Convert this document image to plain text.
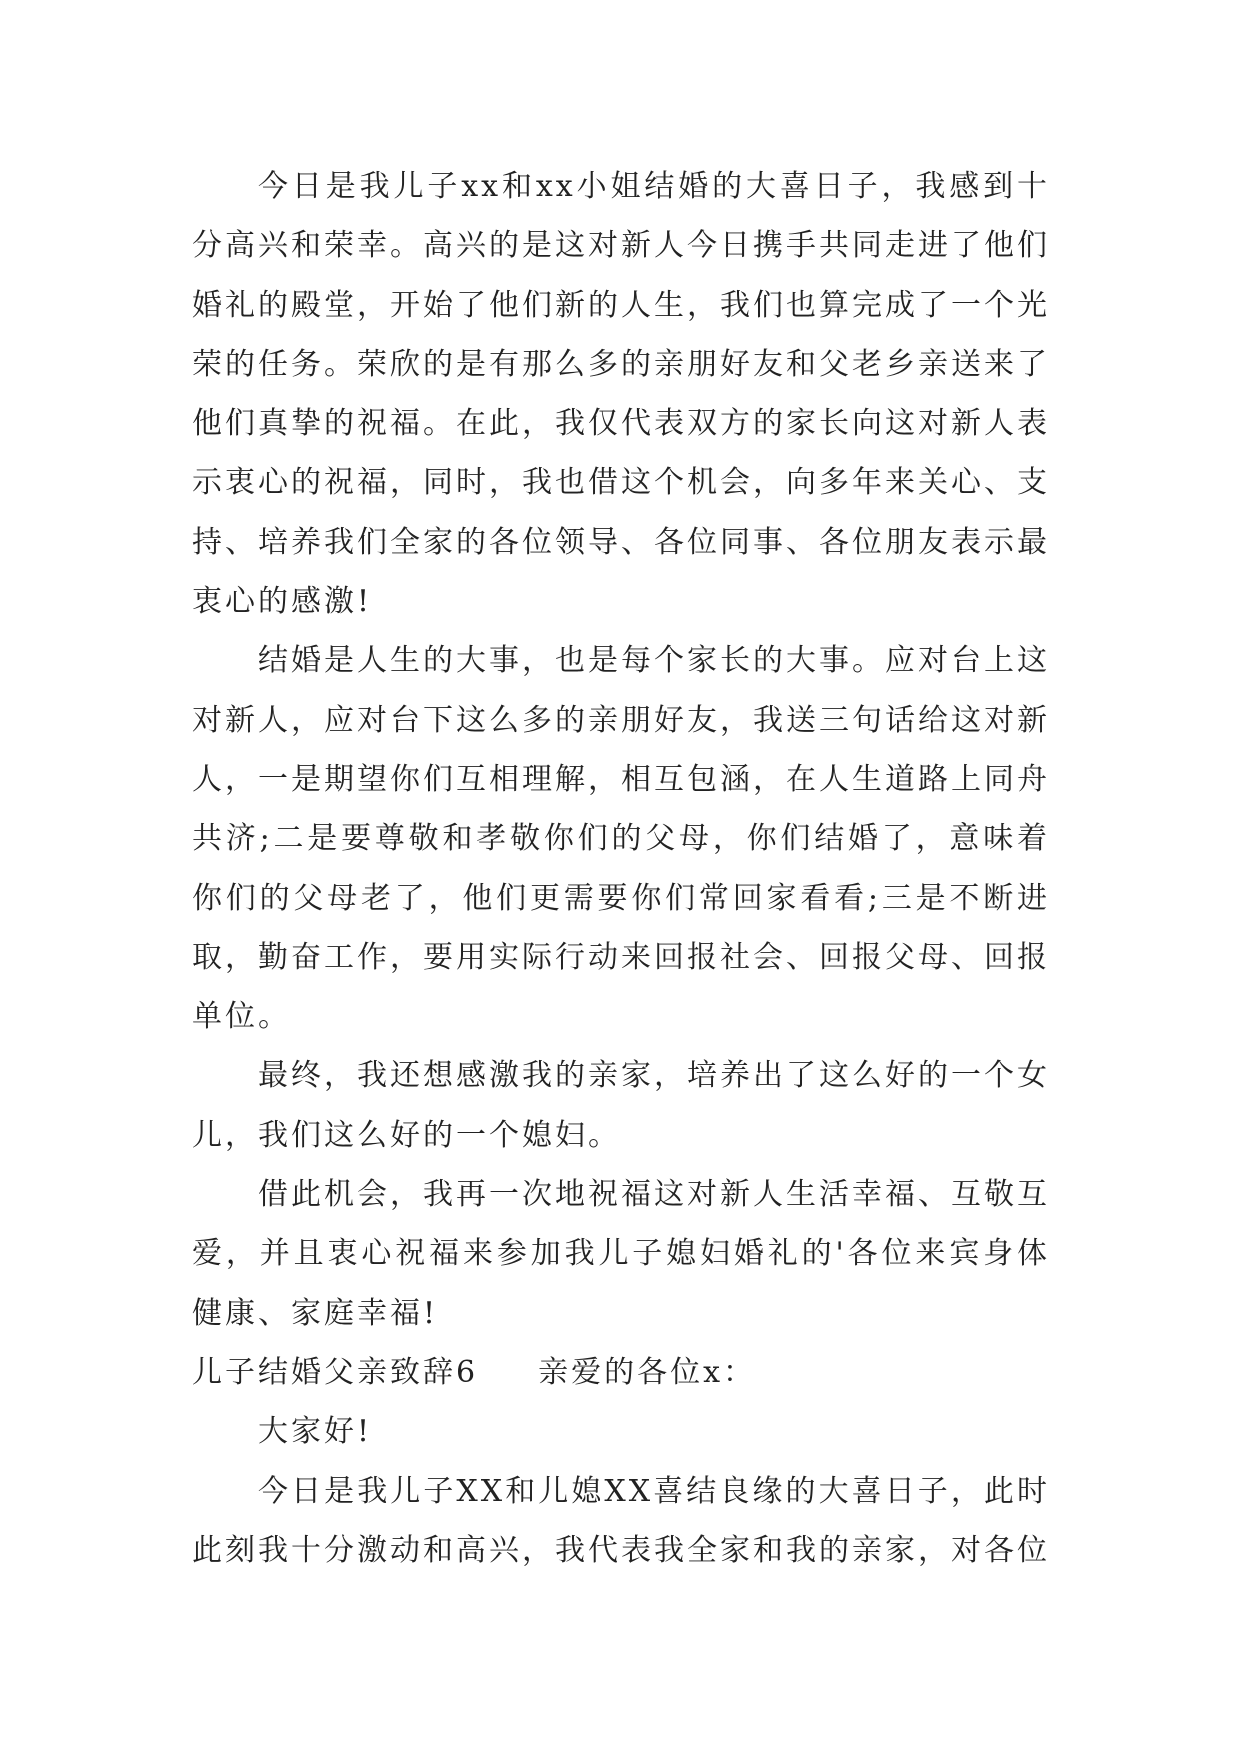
今日是我儿子xx和xx小姐结婚的大喜日子，我感到十分高兴和荣幸。高兴的是这对新人今日携手共同走进了他们婚礼的殿堂，开始了他们新的人生，我们也算完成了一个光荣的任务。荣欣的是有那么多的亲朋好友和父老乡亲送来了他们真挚的祝福。在此，我仅代表双方的家长向这对新人表示衷心的祝福，同时，我也借这个机会，向多年来关心、支持、培养我们全家的各位领导、各位同事、各位朋友表示最衷心的感激!

结婚是人生的大事，也是每个家长的大事。应对台上这对新人，应对台下这么多的亲朋好友，我送三句话给这对新人，一是期望你们互相理解，相互包涵，在人生道路上同舟共济;二是要尊敬和孝敬你们的父母，你们结婚了，意味着你们的父母老了，他们更需要你们常回家看看;三是不断进取，勤奋工作，要用实际行动来回报社会、回报父母、回报单位。

最终，我还想感激我的亲家，培养出了这么好的一个女儿，我们这么好的一个媳妇。

借此机会，我再一次地祝福这对新人生活幸福、互敬互爱，并且衷心祝福来参加我儿子媳妇婚礼的'各位来宾身体健康、家庭幸福!

儿子结婚父亲致辞6 亲爱的各位x：

大家好!

今日是我儿子XX和儿媳XX喜结良缘的大喜日子，此时此刻我十分激动和高兴，我代表我全家和我的亲家，对各位
